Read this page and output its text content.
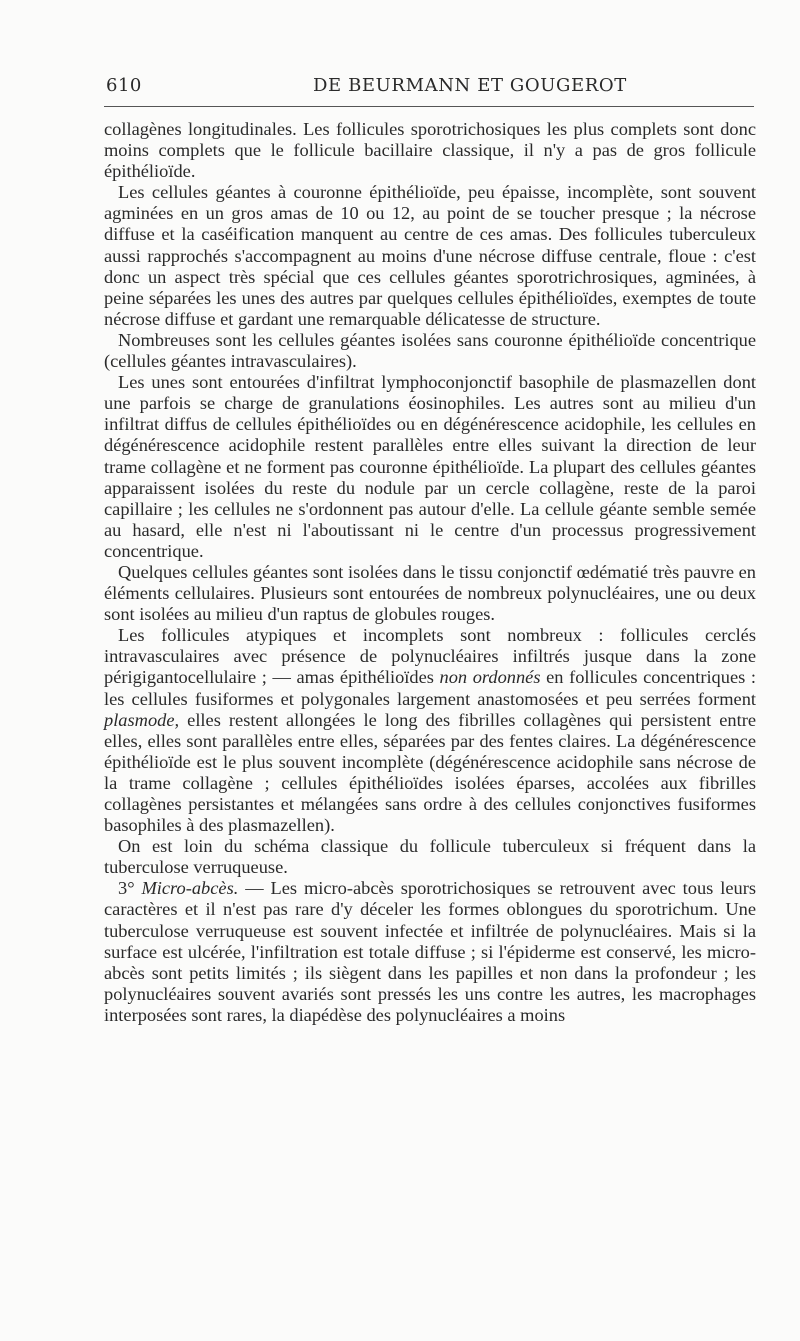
610	DE BEURMANN ET GOUGEROT

collagènes longitudinales. Les follicules sporotrichosiques les plus complets sont donc moins complets que le follicule bacillaire classique, il n'y a pas de gros follicule épithélioïde.

Les cellules géantes à couronne épithélioïde, peu épaisse, incomplète, sont souvent agminées en un gros amas de 10 ou 12, au point de se toucher presque ; la nécrose diffuse et la caséification manquent au centre de ces amas. Des follicules tuberculeux aussi rapprochés s'accompagnent au moins d'une nécrose diffuse centrale, floue : c'est donc un aspect très spécial que ces cellules géantes sporotrichrosiques, agminées, à peine séparées les unes des autres par quelques cellules épithélioïdes, exemptes de toute nécrose diffuse et gardant une remarquable délicatesse de structure.

Nombreuses sont les cellules géantes isolées sans couronne épithélioïde concentrique (cellules géantes intravasculaires).

Les unes sont entourées d'infiltrat lymphoconjonctif basophile de plasmazellen dont une parfois se charge de granulations éosinophiles. Les autres sont au milieu d'un infiltrat diffus de cellules épithélioïdes ou en dégénérescence acidophile, les cellules en dégénérescence acidophile restent parallèles entre elles suivant la direction de leur trame collagène et ne forment pas couronne épithélioïde. La plupart des cellules géantes apparaissent isolées du reste du nodule par un cercle collagène, reste de la paroi capillaire ; les cellules ne s'ordonnent pas autour d'elle. La cellule géante semble semée au hasard, elle n'est ni l'aboutissant ni le centre d'un processus progressivement concentrique.

Quelques cellules géantes sont isolées dans le tissu conjonctif œdématié très pauvre en éléments cellulaires. Plusieurs sont entourées de nombreux polynucléaires, une ou deux sont isolées au milieu d'un raptus de globules rouges.

Les follicules atypiques et incomplets sont nombreux : follicules cerclés intravasculaires avec présence de polynucléaires infiltrés jusque dans la zone périgigantocellulaire ; — amas épithélioïdes non ordonnés en follicules concentriques : les cellules fusiformes et polygonales largement anastomosées et peu serrées forment plasmode, elles restent allongées le long des fibrilles collagènes qui persistent entre elles, elles sont parallèles entre elles, séparées par des fentes claires. La dégénérescence épithélioïde est le plus souvent incomplète (dégénérescence acidophile sans nécrose de la trame collagène ; cellules épithélioïdes isolées éparses, accolées aux fibrilles collagènes persistantes et mélangées sans ordre à des cellules conjonctives fusiformes basophiles à des plasmazellen).

On est loin du schéma classique du follicule tuberculeux si fréquent dans la tuberculose verruqueuse.

3° Micro-abcès. — Les micro-abcès sporotrichosiques se retrouvent avec tous leurs caractères et il n'est pas rare d'y déceler les formes oblongues du sporotrichum. Une tuberculose verruqueuse est souvent infectée et infiltrée de polynucléaires. Mais si la surface est ulcérée, l'infiltration est totale diffuse ; si l'épiderme est conservé, les micro-abcès sont petits limités ; ils siègent dans les papilles et non dans la profondeur ; les polynucléaires souvent avariés sont pressés les uns contre les autres, les macrophages interposées sont rares, la diapédèse des polynucléaires a moins
